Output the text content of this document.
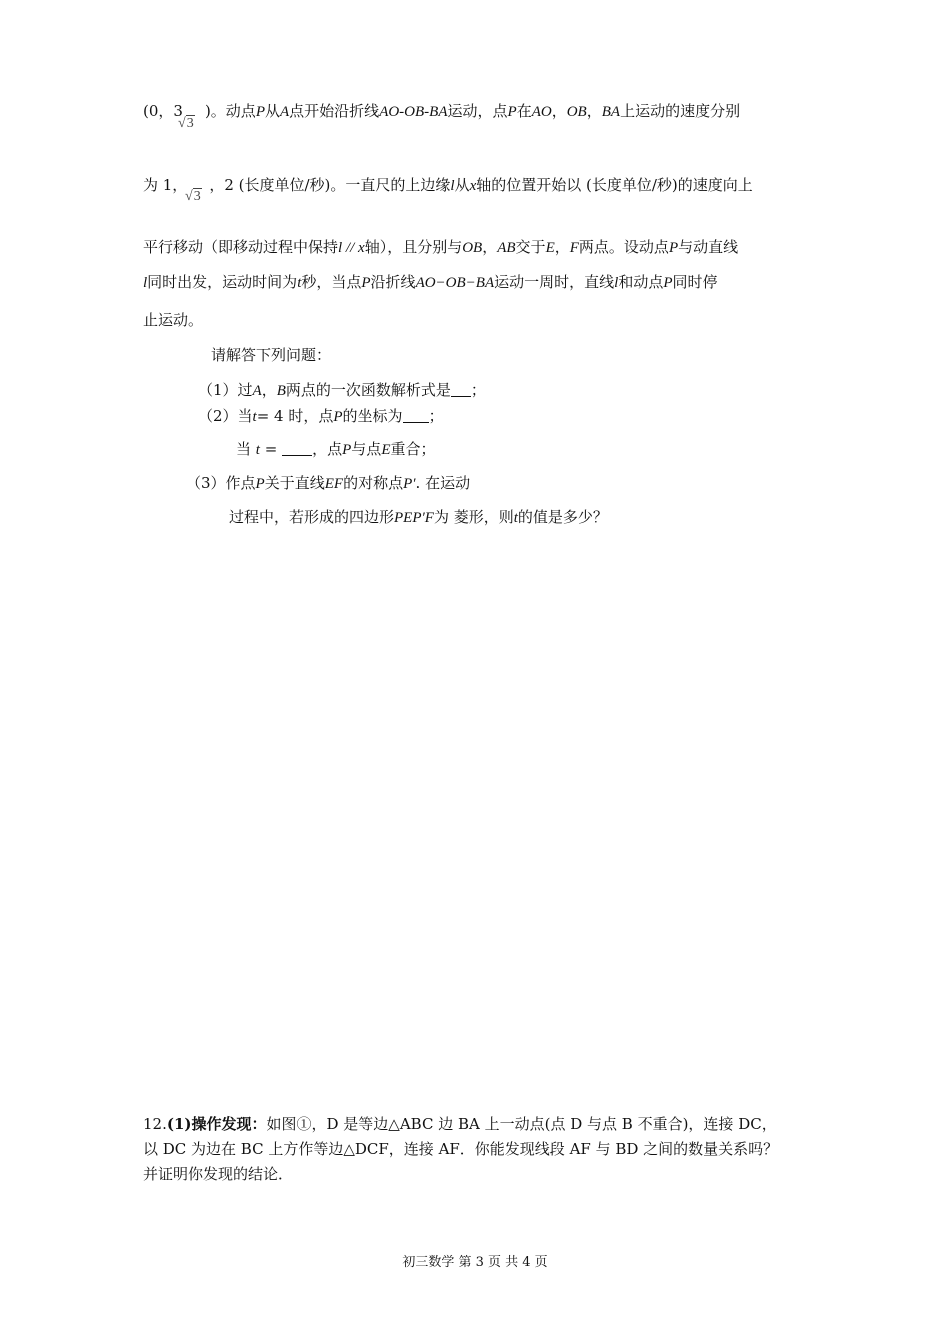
(0，3 )。动点P从A点开始沿折线AO-OB-BA运动，点P在AO，OB，BA上运动的速度分别
√3
为 1， ，2 (长度单位/秒)。一直尺的上边缘l从x轴的位置开始以 (长度单位/秒)的速度向上
√3
平行移动（即移动过程中保持l // x轴），且分别与OB，AB交于E，F两点。设动点P与动直线
l同时出发，运动时间为t秒，当点P沿折线AO−OB−BA运动一周时，直线l和动点P同时停
止运动。
请解答下列问题：
（1）过A，B两点的一次函数解析式是 ；
（2）当t= 4 时，点P的坐标为 ；
当 t = ，点P与点E重合；
（3）作点P关于直线EF的对称点P′. 在运动
过程中，若形成的四边形PEP′F为 菱形，则t的值是多少？
12.(1)操作发现：如图①，D 是等边△ABC 边 BA 上一动点(点 D 与点 B 不重合)，连接 DC，
以 DC 为边在 BC 上方作等边△DCF，连接 AF．你能发现线段 AF 与 BD 之间的数量关系吗？
并证明你发现的结论．
初三数学 第 3 页 共 4 页
